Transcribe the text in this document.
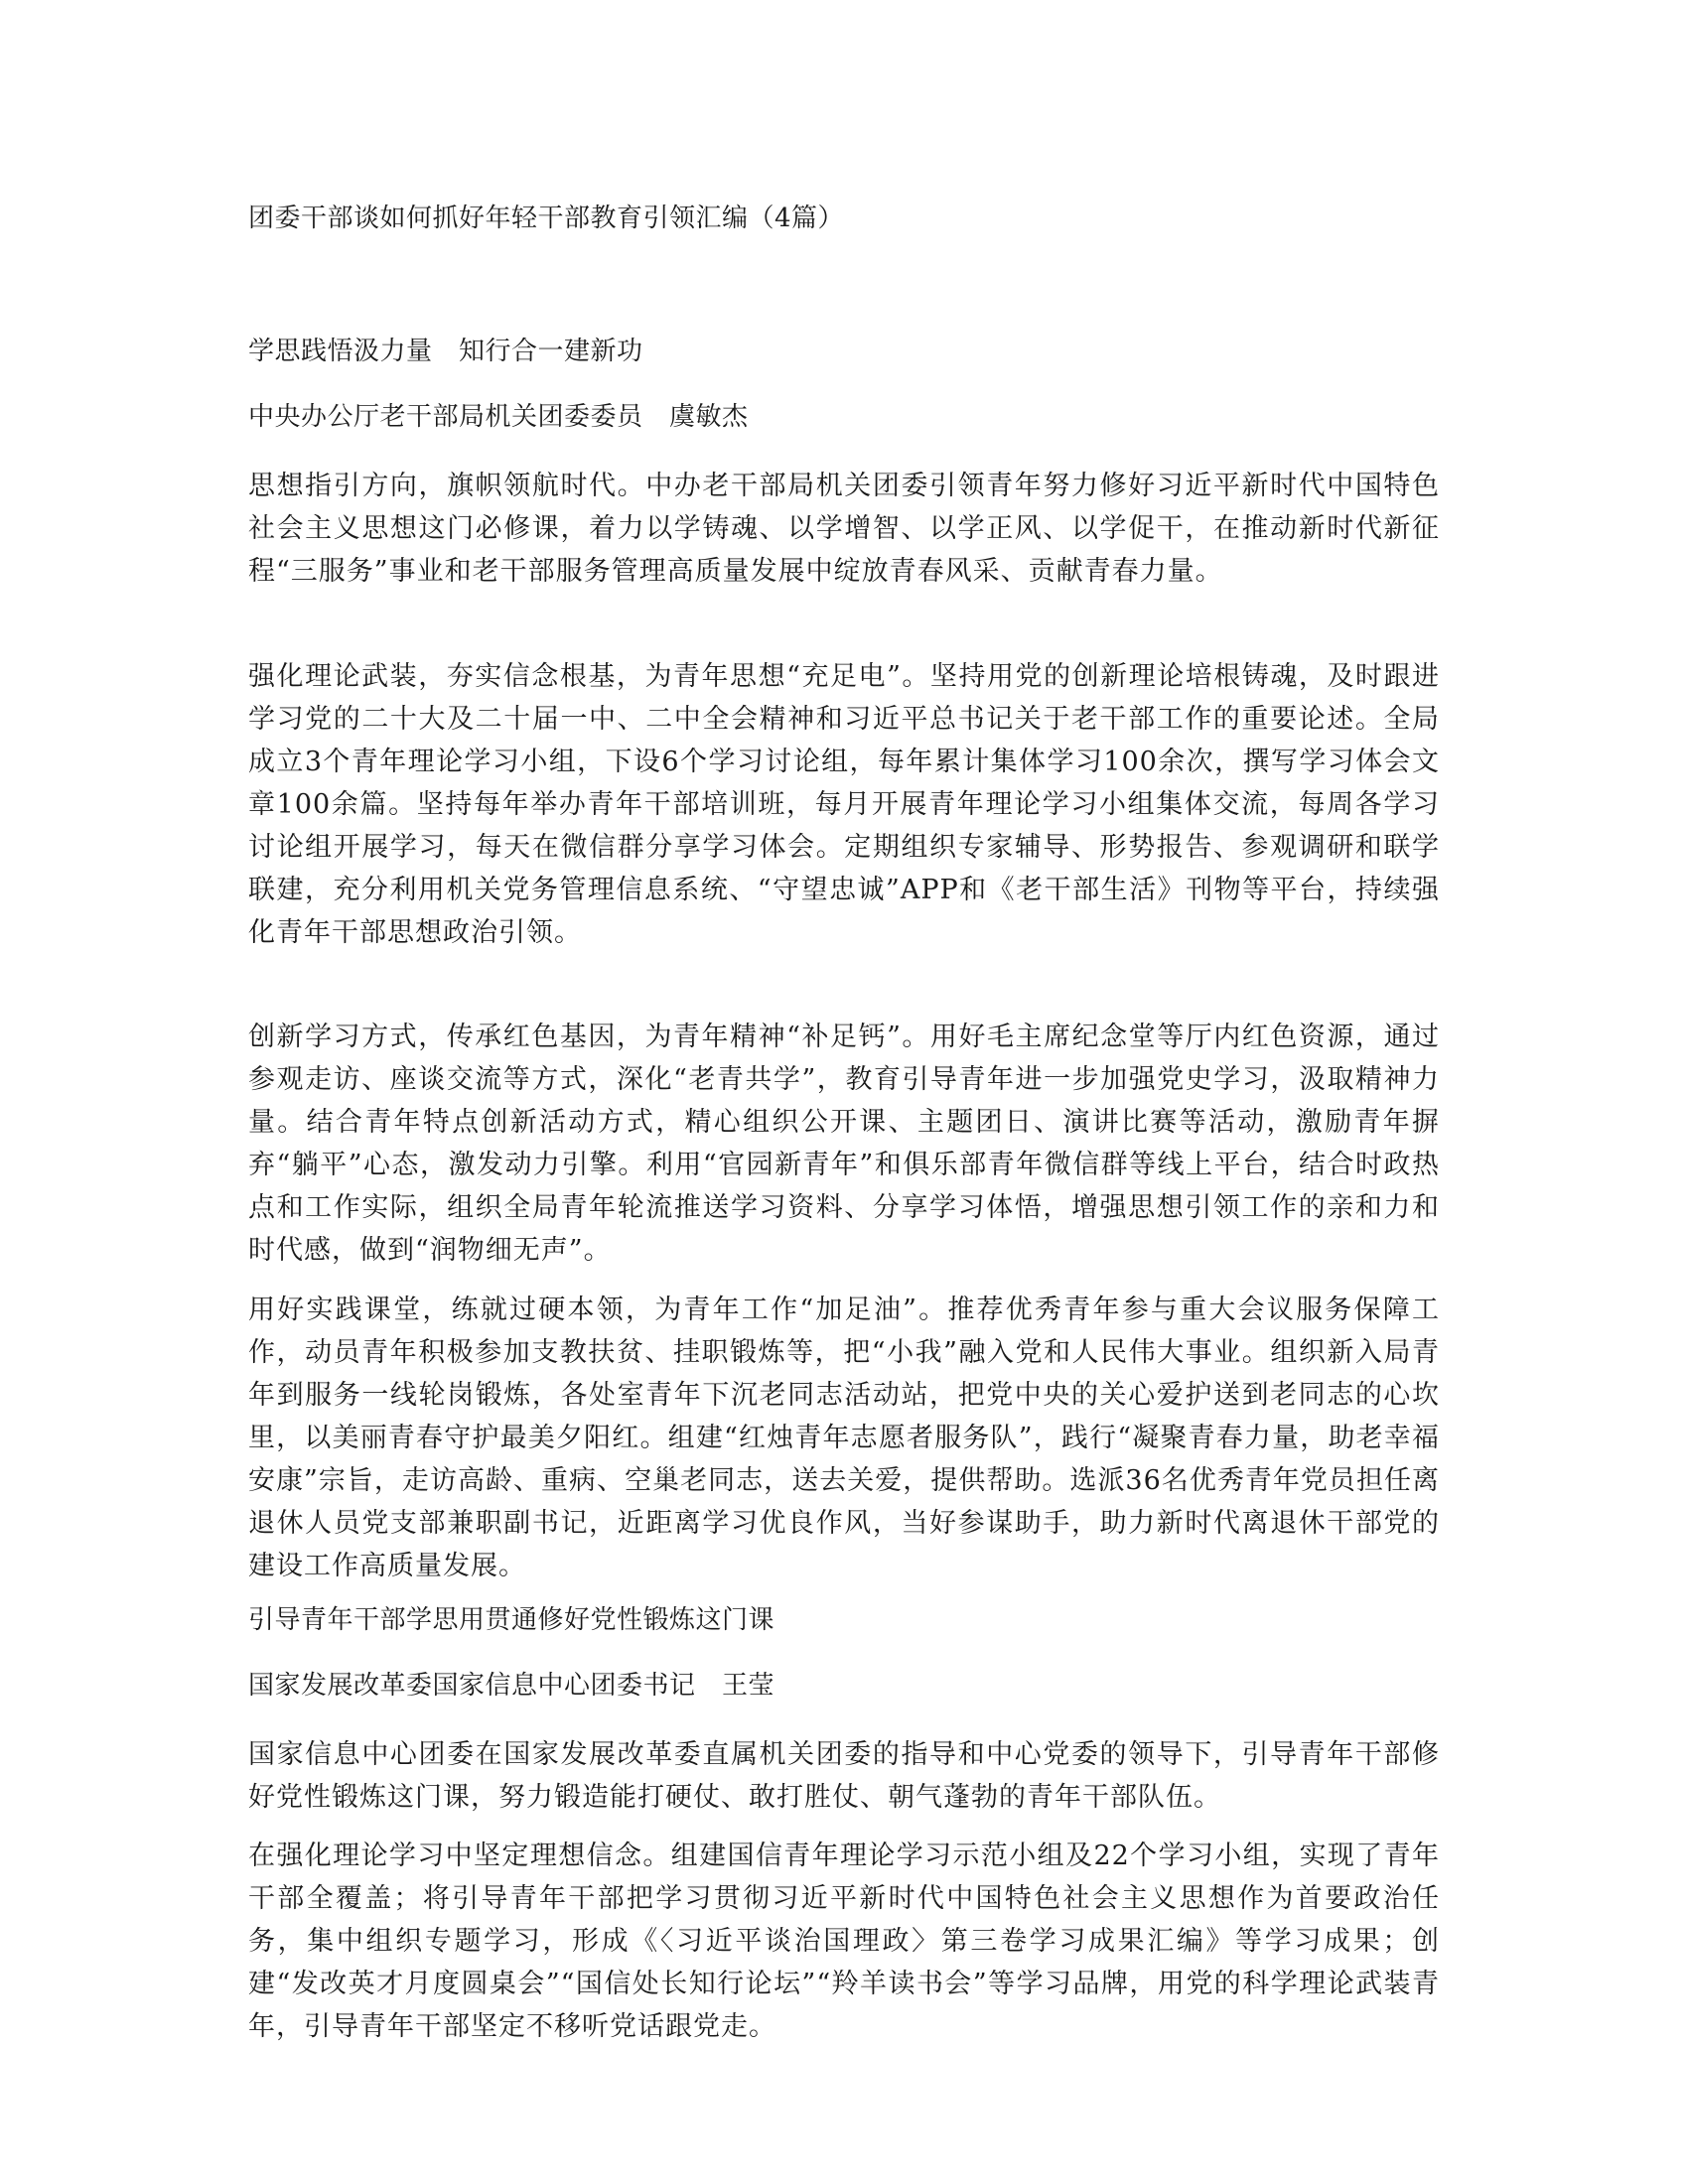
团委干部谈如何抓好年轻干部教育引领汇编（4篇）

学思践悟汲力量　知行合一建新功

中央办公厅老干部局机关团委委员　虞敏杰

思想指引方向，旗帜领航时代。中办老干部局机关团委引领青年努力修好习近平新时代中国特色社会主义思想这门必修课，着力以学铸魂、以学增智、以学正风、以学促干，在推动新时代新征程“三服务”事业和老干部服务管理高质量发展中绽放青春风采、贡献青春力量。

强化理论武装，夯实信念根基，为青年思想“充足电”。坚持用党的创新理论培根铸魂，及时跟进学习党的二十大及二十届一中、二中全会精神和习近平总书记关于老干部工作的重要论述。全局成立3个青年理论学习小组，下设6个学习讨论组，每年累计集体学习100余次，撰写学习体会文章100余篇。坚持每年举办青年干部培训班，每月开展青年理论学习小组集体交流，每周各学习讨论组开展学习，每天在微信群分享学习体会。定期组织专家辅导、形势报告、参观调研和联学联建，充分利用机关党务管理信息系统、“守望忠诚”APP和《老干部生活》刊物等平台，持续强化青年干部思想政治引领。

创新学习方式，传承红色基因，为青年精神“补足钙”。用好毛主席纪念堂等厅内红色资源，通过参观走访、座谈交流等方式，深化“老青共学”，教育引导青年进一步加强党史学习，汲取精神力量。结合青年特点创新活动方式，精心组织公开课、主题团日、演讲比赛等活动，激励青年摒弃“躺平”心态，激发动力引擎。利用“官园新青年”和俱乐部青年微信群等线上平台，结合时政热点和工作实际，组织全局青年轮流推送学习资料、分享学习体悟，增强思想引领工作的亲和力和时代感，做到“润物细无声”。

用好实践课堂，练就过硬本领，为青年工作“加足油”。推荐优秀青年参与重大会议服务保障工作，动员青年积极参加支教扶贫、挂职锻炼等，把“小我”融入党和人民伟大事业。组织新入局青年到服务一线轮岗锻炼，各处室青年下沉老同志活动站，把党中央的关心爱护送到老同志的心坎里，以美丽青春守护最美夕阳红。组建“红烛青年志愿者服务队”，践行“凝聚青春力量，助老幸福安康”宗旨，走访高龄、重病、空巢老同志，送去关爱，提供帮助。选派36名优秀青年党员担任离退休人员党支部兼职副书记，近距离学习优良作风，当好参谋助手，助力新时代离退休干部党的建设工作高质量发展。

引导青年干部学思用贯通修好党性锻炼这门课

国家发展改革委国家信息中心团委书记　王莹

国家信息中心团委在国家发展改革委直属机关团委的指导和中心党委的领导下，引导青年干部修好党性锻炼这门课，努力锻造能打硬仗、敢打胜仗、朝气蓬勃的青年干部队伍。

在强化理论学习中坚定理想信念。组建国信青年理论学习示范小组及22个学习小组，实现了青年干部全覆盖；将引导青年干部把学习贯彻习近平新时代中国特色社会主义思想作为首要政治任务，集中组织专题学习，形成《〈习近平谈治国理政〉第三卷学习成果汇编》等学习成果；创建“发改英才月度圆桌会”“国信处长知行论坛”“羚羊读书会”等学习品牌，用党的科学理论武装青年，引导青年干部坚定不移听党话跟党走。
